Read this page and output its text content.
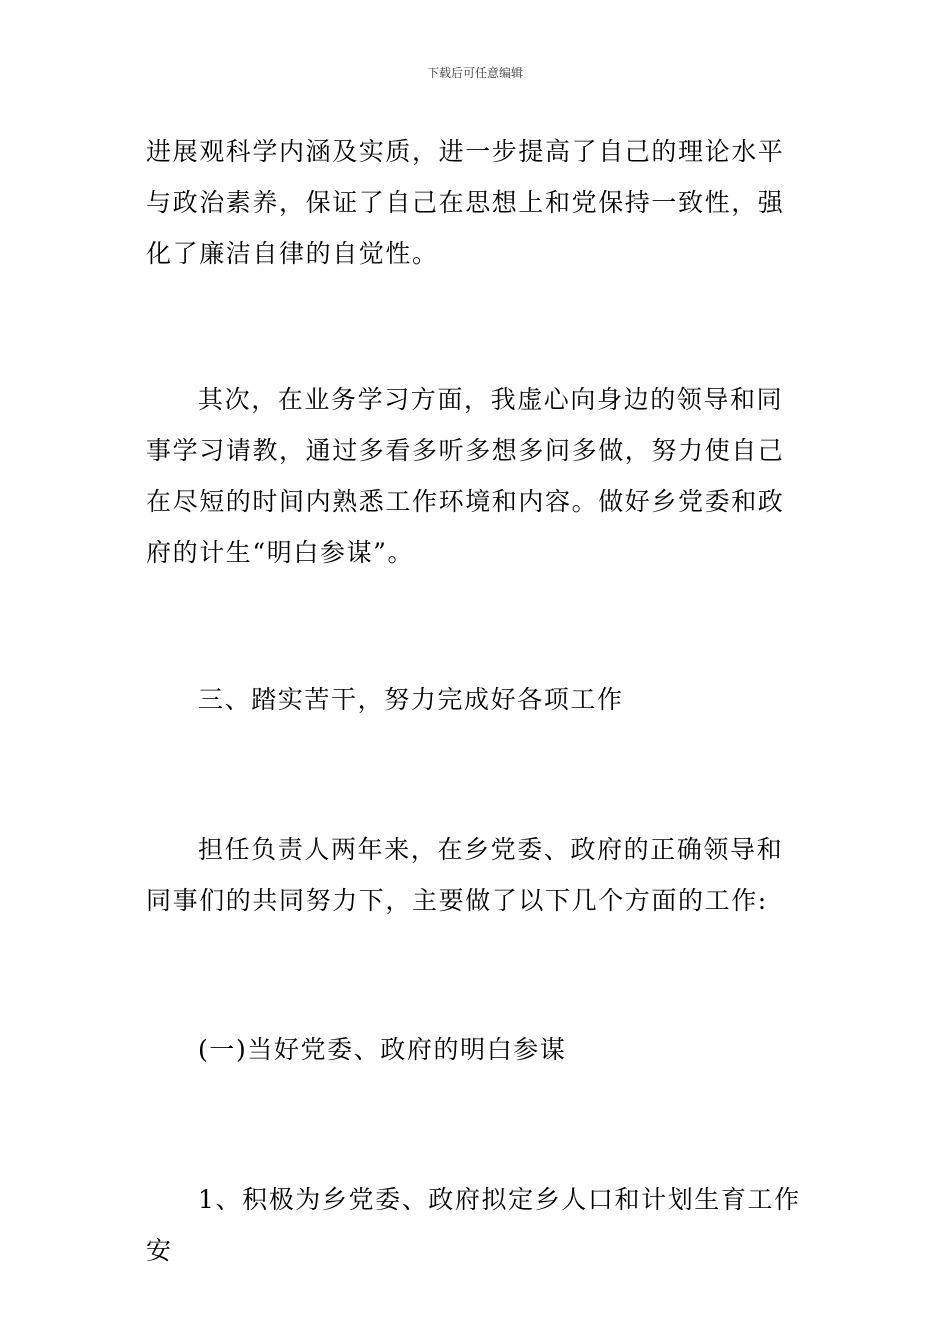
下载后可任意编辑
进展观科学内涵及实质，进一步提高了自己的理论水平与政治素养，保证了自己在思想上和党保持一致性，强化了廉洁自律的自觉性。
其次，在业务学习方面，我虚心向身边的领导和同事学习请教，通过多看多听多想多问多做，努力使自己在尽短的时间内熟悉工作环境和内容。做好乡党委和政府的计生“明白参谋”。
三、踏实苦干，努力完成好各项工作
担任负责人两年来，在乡党委、政府的正确领导和同事们的共同努力下，主要做了以下几个方面的工作:
(一)当好党委、政府的明白参谋
1、积极为乡党委、政府拟定乡人口和计划生育工作安
